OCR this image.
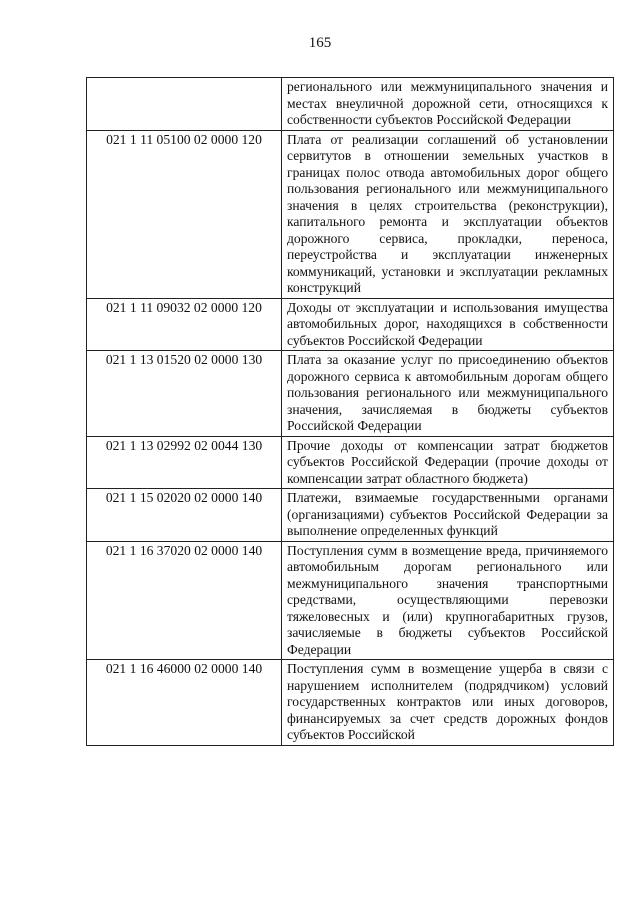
165
	регионального или межмуниципального значения и местах внеуличной дорожной сети, относящихся к собственности субъектов Российской Федерации
021 1 11 05100 02 0000 120	Плата от реализации соглашений об установлении сервитутов в отношении земельных участков в границах полос отвода автомобильных дорог общего пользования регионального или межмуниципального значения в целях строительства (реконструкции), капитального ремонта и эксплуатации объектов дорожного сервиса, прокладки, переноса, переустройства и эксплуатации инженерных коммуникаций, установки и эксплуатации рекламных конструкций
021 1 11 09032 02 0000 120	Доходы от эксплуатации и использования имущества автомобильных дорог, находящихся в собственности субъектов Российской Федерации
021 1 13 01520 02 0000 130	Плата за оказание услуг по присоединению объектов дорожного сервиса к автомобильным дорогам общего пользования регионального или межмуниципального значения, зачисляемая в бюджеты субъектов Российской Федерации
021 1 13 02992 02 0044 130	Прочие доходы от компенсации затрат бюджетов субъектов Российской Федерации (прочие доходы от компенсации затрат областного бюджета)
021 1 15 02020 02 0000 140	Платежи, взимаемые государственными органами (организациями) субъектов Российской Федерации за выполнение определенных функций
021 1 16 37020 02 0000 140	Поступления сумм в возмещение вреда, причиняемого автомобильным дорогам регионального или межмуниципального значения транспортными средствами, осуществляющими перевозки тяжеловесных и (или) крупногабаритных грузов, зачисляемые в бюджеты субъектов Российской Федерации
021 1 16 46000 02 0000 140	Поступления сумм в возмещение ущерба в связи с нарушением исполнителем (подрядчиком) условий государственных контрактов или иных договоров, финансируемых за счет средств дорожных фондов субъектов Российской
